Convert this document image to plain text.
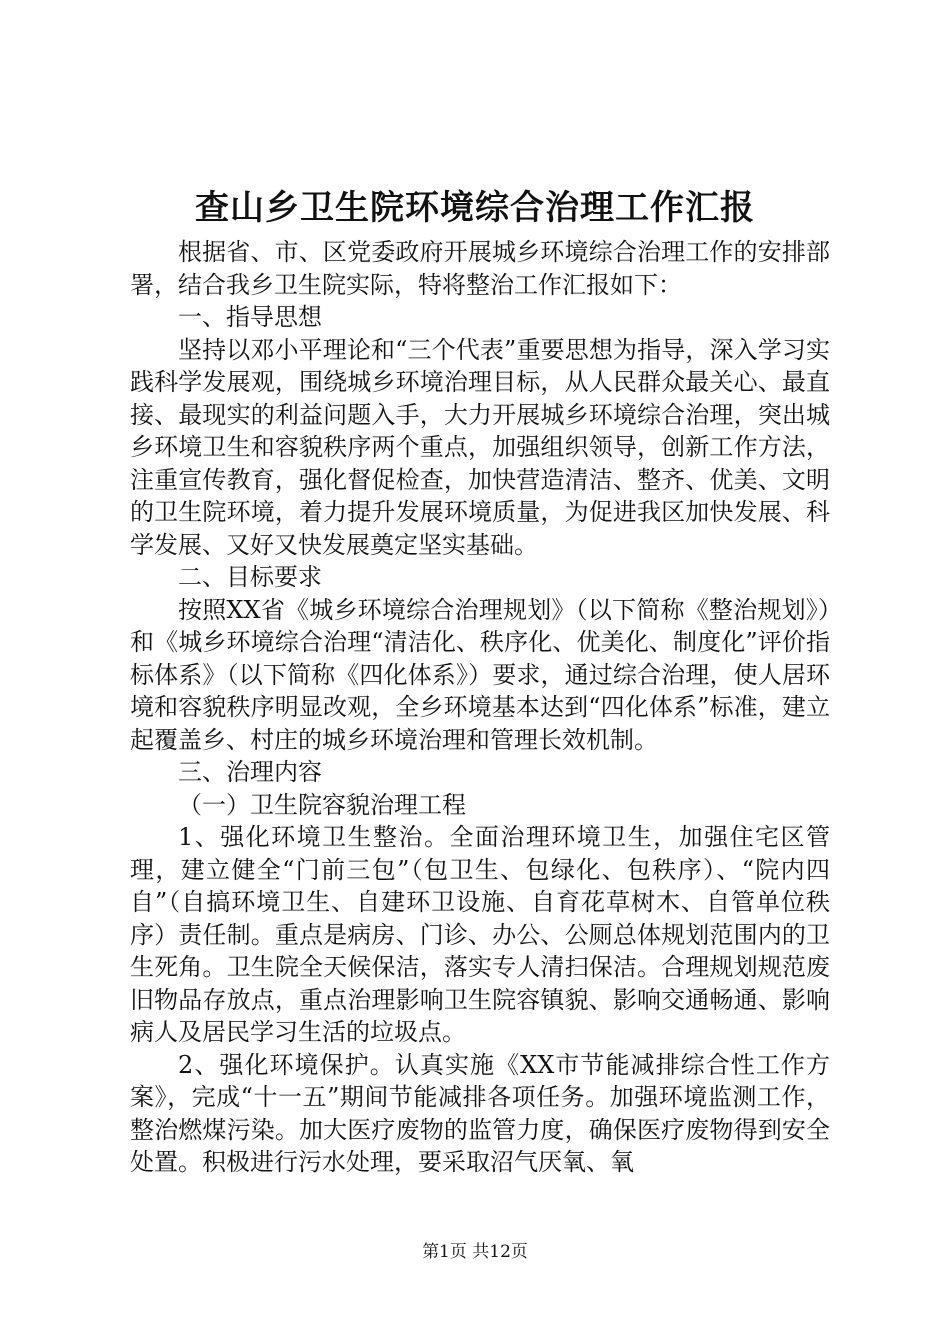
查山乡卫生院环境综合治理工作汇报

根据省、市、区党委政府开展城乡环境综合治理工作的安排部署，结合我乡卫生院实际，特将整治工作汇报如下：

一、指导思想

坚持以邓小平理论和“三个代表”重要思想为指导，深入学习实践科学发展观，围绕城乡环境治理目标，从人民群众最关心、最直接、最现实的利益问题入手，大力开展城乡环境综合治理，突出城乡环境卫生和容貌秩序两个重点，加强组织领导，创新工作方法，注重宣传教育，强化督促检查，加快营造清洁、整齐、优美、文明的卫生院环境，着力提升发展环境质量，为促进我区加快发展、科学发展、又好又快发展奠定坚实基础。

二、目标要求

按照XX省《城乡环境综合治理规划》（以下简称《整治规划》）和《城乡环境综合治理“清洁化、秩序化、优美化、制度化”评价指标体系》（以下简称《四化体系》）要求，通过综合治理，使人居环境和容貌秩序明显改观，全乡环境基本达到“四化体系”标准，建立起覆盖乡、村庄的城乡环境治理和管理长效机制。

三、治理内容

（一）卫生院容貌治理工程

1、强化环境卫生整治。全面治理环境卫生，加强住宅区管理，建立健全“门前三包”（包卫生、包绿化、包秩序）、“院内四自”（自搞环境卫生、自建环卫设施、自育花草树木、自管单位秩序）责任制。重点是病房、门诊、办公、公厕总体规划范围内的卫生死角。卫生院全天候保洁，落实专人清扫保洁。合理规划规范废旧物品存放点，重点治理影响卫生院容镇貌、影响交通畅通、影响病人及居民学习生活的垃圾点。

2、强化环境保护。认真实施《XX市节能减排综合性工作方案》，完成“十一五”期间节能减排各项任务。加强环境监测工作，整治燃煤污染。加大医疗废物的监管力度，确保医疗废物得到安全处置。积极进行污水处理，要采取沼气厌氧、氧

第1页 共12页
